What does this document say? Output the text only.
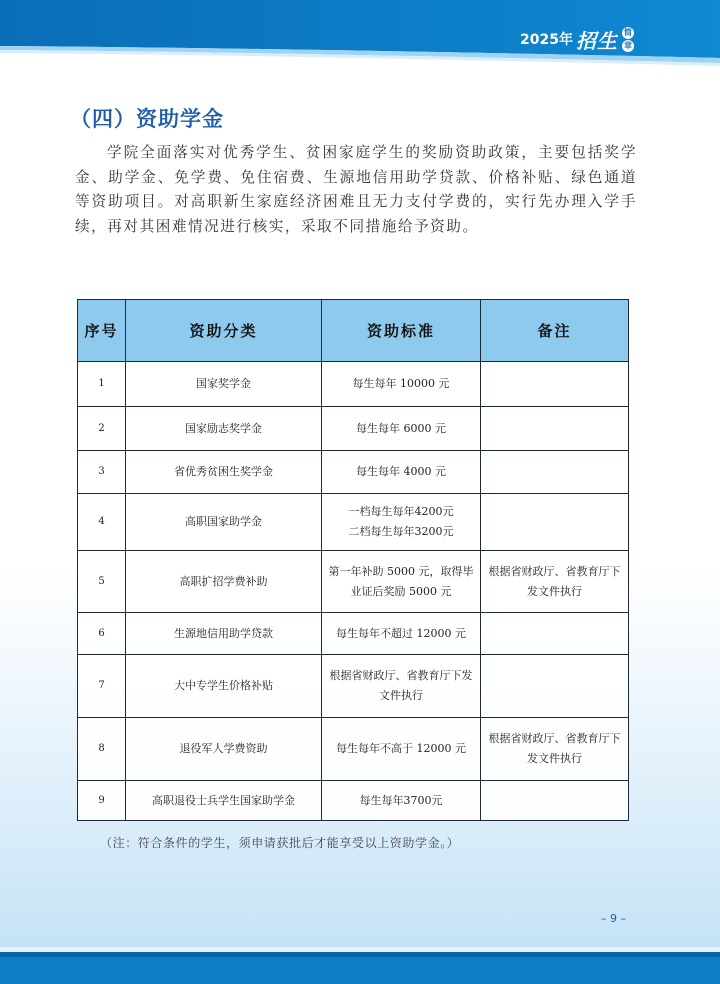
2025年 招生 简
章
（四）资助学金

学院全面落实对优秀学生、贫困家庭学生的奖励资助政策，主要包括奖学金、助学金、免学费、免住宿费、生源地信用助学贷款、价格补贴、绿色通道等资助项目。对高职新生家庭经济困难且无力支付学费的，实行先办理入学手续，再对其困难情况进行核实，采取不同措施给予资助。

序号	资助分类	资助标准	备注
1	国家奖学金	每生每年 10000 元	
2	国家励志奖学金	每生每年 6000 元	
3	省优秀贫困生奖学金	每生每年 4000 元	
4	高职国家助学金	一档每生每年4200元
二档每生每年3200元	
5	高职扩招学费补助	第一年补助 5000 元，取得毕业证后奖励 5000 元	根据省财政厅、省教育厅下发文件执行
6	生源地信用助学贷款	每生每年不超过 12000 元	
7	大中专学生价格补贴	根据省财政厅、省教育厅下发文件执行	
8	退役军人学费资助	每生每年不高于 12000 元	根据省财政厅、省教育厅下发文件执行
9	高职退役士兵学生国家助学金	每生每年3700元	

（注：符合条件的学生，须申请获批后才能享受以上资助学金。）

– 9 –
